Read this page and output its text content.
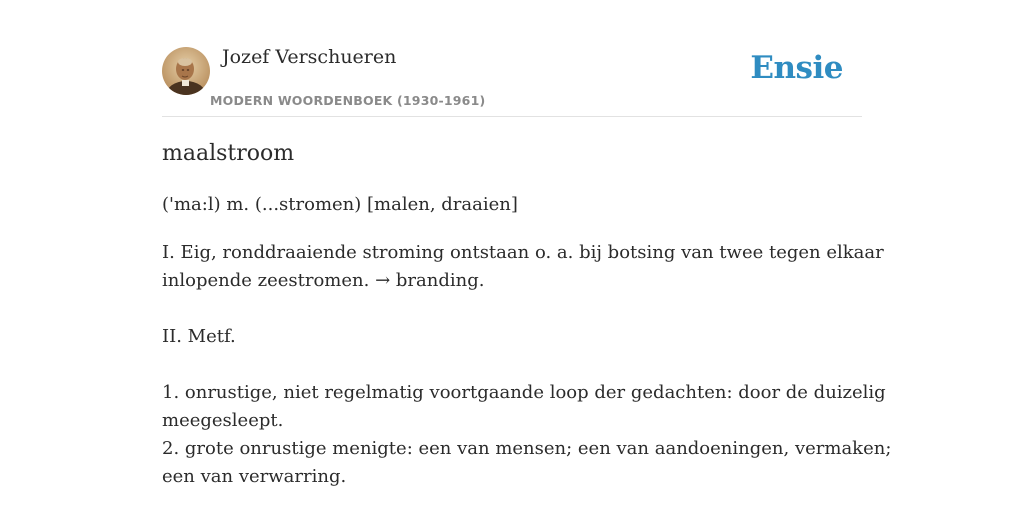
Jozef Verschueren
MODERN WOORDENBOEK (1930-1961)
Ensie
maalstroom
('ma:l) m. (...stromen) [malen, draaien]

I. Eig, ronddraaiende stroming ontstaan o. a. bij botsing van twee tegen elkaar

inlopende zeestromen. → branding.

II. Metf.

1. onrustige, niet regelmatig voortgaande loop der gedachten: door de duizelig

meegesleept.

2. grote onrustige menigte: een van mensen; een van aandoeningen, vermaken;

een van verwarring.
